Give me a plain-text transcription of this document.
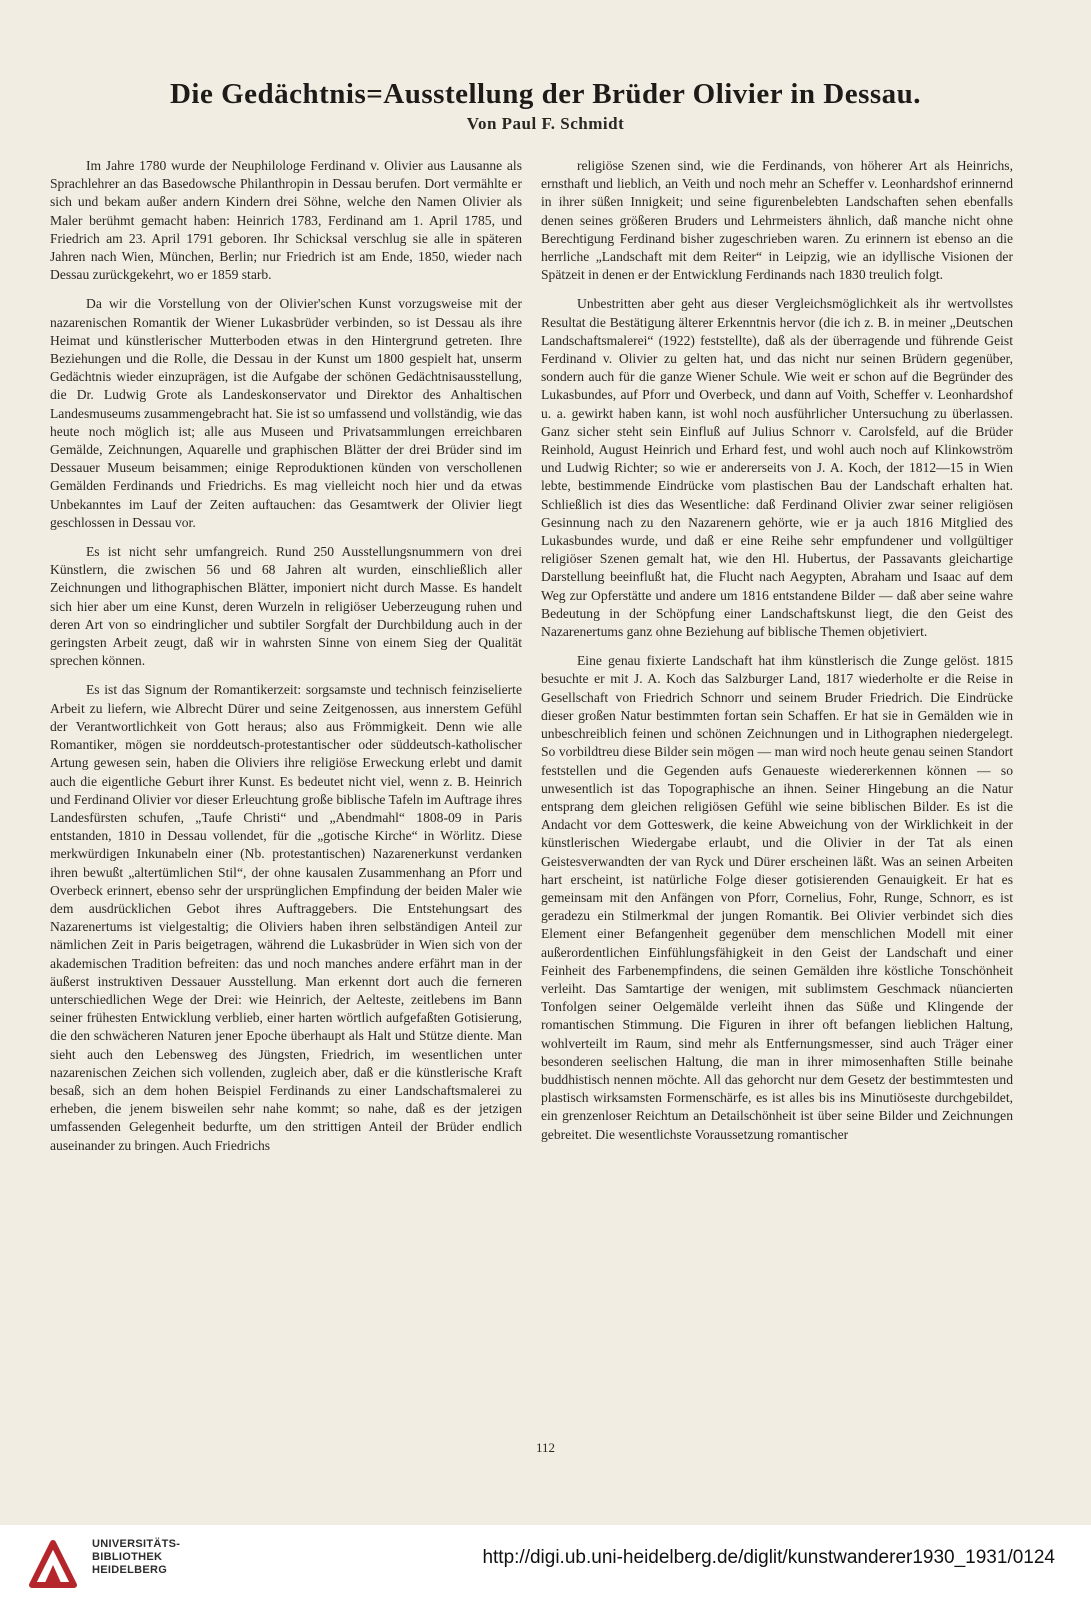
Die Gedächtnis=Ausstellung der Brüder Olivier in Dessau.
Von Paul F. Schmidt

Im Jahre 1780 wurde der Neuphilologe Ferdinand v. Olivier aus Lausanne als Sprachlehrer an das Basedowsche Philanthropin in Dessau berufen. Dort vermählte er sich und bekam außer andern Kindern drei Söhne, welche den Namen Olivier als Maler berühmt gemacht haben: Heinrich 1783, Ferdinand am 1. April 1785, und Friedrich am 23. April 1791 geboren. Ihr Schicksal verschlug sie alle in späteren Jahren nach Wien, München, Berlin; nur Friedrich ist am Ende, 1850, wieder nach Dessau zurückgekehrt, wo er 1859 starb.

Da wir die Vorstellung von der Olivier'schen Kunst vorzugsweise mit der nazarenischen Romantik der Wiener Lukasbrüder verbinden, so ist Dessau als ihre Heimat und künstlerischer Mutterboden etwas in den Hintergrund getreten. Ihre Beziehungen und die Rolle, die Dessau in der Kunst um 1800 gespielt hat, unserm Gedächtnis wieder einzuprägen, ist die Aufgabe der schönen Gedächtnisausstellung, die Dr. Ludwig Grote als Landeskonservator und Direktor des Anhaltischen Landesmuseums zusammengebracht hat. Sie ist so umfassend und vollständig, wie das heute noch möglich ist; alle aus Museen und Privatsammlungen erreichbaren Gemälde, Zeichnungen, Aquarelle und graphischen Blätter der drei Brüder sind im Dessauer Museum beisammen; einige Reproduktionen künden von verschollenen Gemälden Ferdinands und Friedrichs. Es mag vielleicht noch hier und da etwas Unbekanntes im Lauf der Zeiten auftauchen: das Gesamtwerk der Olivier liegt geschlossen in Dessau vor.

Es ist nicht sehr umfangreich. Rund 250 Ausstellungsnummern von drei Künstlern, die zwischen 56 und 68 Jahren alt wurden, einschließlich aller Zeichnungen und lithographischen Blätter, imponiert nicht durch Masse. Es handelt sich hier aber um eine Kunst, deren Wurzeln in religiöser Ueberzeugung ruhen und deren Art von so eindringlicher und subtiler Sorgfalt der Durchbildung auch in der geringsten Arbeit zeugt, daß wir in wahrsten Sinne von einem Sieg der Qualität sprechen können.

Es ist das Signum der Romantikerzeit: sorgsamste und technisch feinziselierte Arbeit zu liefern, wie Albrecht Dürer und seine Zeitgenossen, aus innerstem Gefühl der Verantwortlichkeit von Gott heraus; also aus Frömmigkeit. Denn wie alle Romantiker, mögen sie norddeutsch-protestantischer oder süddeutsch-katholischer Artung gewesen sein, haben die Oliviers ihre religiöse Erweckung erlebt und damit auch die eigentliche Geburt ihrer Kunst. Es bedeutet nicht viel, wenn z. B. Heinrich und Ferdinand Olivier vor dieser Erleuchtung große biblische Tafeln im Auftrage ihres Landesfürsten schufen, „Taufe Christi“ und „Abendmahl“ 1808-09 in Paris entstanden, 1810 in Dessau vollendet, für die „gotische Kirche“ in Wörlitz. Diese merkwürdigen Inkunabeln einer (Nb. protestantischen) Nazarenerkunst verdanken ihren bewußt „altertümlichen Stil“, der ohne kausalen Zusammenhang an Pforr und Overbeck erinnert, ebenso sehr der ursprünglichen Empfindung der beiden Maler wie dem ausdrücklichen Gebot ihres Auftraggebers. Die Entstehungsart des Nazarenertums ist vielgestaltig; die Oliviers haben ihren selbständigen Anteil zur nämlichen Zeit in Paris beigetragen, während die Lukasbrüder in Wien sich von der akademischen Tradition befreiten: das und noch manches andere erfährt man in der äußerst instruktiven Dessauer Ausstellung. Man erkennt dort auch die ferneren unterschiedlichen Wege der Drei: wie Heinrich, der Aelteste, zeitlebens im Bann seiner frühesten Entwicklung verblieb, einer harten wörtlich aufgefaßten Gotisierung, die den schwächeren Naturen jener Epoche überhaupt als Halt und Stütze diente. Man sieht auch den Lebensweg des Jüngsten, Friedrich, im wesentlichen unter nazarenischen Zeichen sich vollenden, zugleich aber, daß er die künstlerische Kraft besaß, sich an dem hohen Beispiel Ferdinands zu einer Landschaftsmalerei zu erheben, die jenem bisweilen sehr nahe kommt; so nahe, daß es der jetzigen umfassenden Gelegenheit bedurfte, um den strittigen Anteil der Brüder endlich auseinander zu bringen. Auch Friedrichs

religiöse Szenen sind, wie die Ferdinands, von höherer Art als Heinrichs, ernsthaft und lieblich, an Veith und noch mehr an Scheffer v. Leonhardshof erinnernd in ihrer süßen Innigkeit; und seine figurenbelebten Landschaften sehen ebenfalls denen seines größeren Bruders und Lehrmeisters ähnlich, daß manche nicht ohne Berechtigung Ferdinand bisher zugeschrieben waren. Zu erinnern ist ebenso an die herrliche „Landschaft mit dem Reiter“ in Leipzig, wie an idyllische Visionen der Spätzeit in denen er der Entwicklung Ferdinands nach 1830 treulich folgt.

Unbestritten aber geht aus dieser Vergleichsmöglichkeit als ihr wertvollstes Resultat die Bestätigung älterer Erkenntnis hervor (die ich z. B. in meiner „Deutschen Landschaftsmalerei“ (1922) feststellte), daß als der überragende und führende Geist Ferdinand v. Olivier zu gelten hat, und das nicht nur seinen Brüdern gegenüber, sondern auch für die ganze Wiener Schule. Wie weit er schon auf die Begründer des Lukasbundes, auf Pforr und Overbeck, und dann auf Voith, Scheffer v. Leonhardshof u. a. gewirkt haben kann, ist wohl noch ausführlicher Untersuchung zu überlassen. Ganz sicher steht sein Einfluß auf Julius Schnorr v. Carolsfeld, auf die Brüder Reinhold, August Heinrich und Erhard fest, und wohl auch noch auf Klinkowström und Ludwig Richter; so wie er andererseits von J. A. Koch, der 1812—15 in Wien lebte, bestimmende Eindrücke vom plastischen Bau der Landschaft erhalten hat. Schließlich ist dies das Wesentliche: daß Ferdinand Olivier zwar seiner religiösen Gesinnung nach zu den Nazarenern gehörte, wie er ja auch 1816 Mitglied des Lukasbundes wurde, und daß er eine Reihe sehr empfundener und vollgültiger religiöser Szenen gemalt hat, wie den Hl. Hubertus, der Passavants gleichartige Darstellung beeinflußt hat, die Flucht nach Aegypten, Abraham und Isaac auf dem Weg zur Opferstätte und andere um 1816 entstandene Bilder — daß aber seine wahre Bedeutung in der Schöpfung einer Landschaftskunst liegt, die den Geist des Nazarenertums ganz ohne Beziehung auf biblische Themen objetiviert.

Eine genau fixierte Landschaft hat ihm künstlerisch die Zunge gelöst. 1815 besuchte er mit J. A. Koch das Salzburger Land, 1817 wiederholte er die Reise in Gesellschaft von Friedrich Schnorr und seinem Bruder Friedrich. Die Eindrücke dieser großen Natur bestimmten fortan sein Schaffen. Er hat sie in Gemälden wie in unbeschreiblich feinen und schönen Zeichnungen und in Lithographen niedergelegt. So vorbildtreu diese Bilder sein mögen — man wird noch heute genau seinen Standort feststellen und die Gegenden aufs Genaueste wiedererkennen können — so unwesentlich ist das Topographische an ihnen. Seiner Hingebung an die Natur entsprang dem gleichen religiösen Gefühl wie seine biblischen Bilder. Es ist die Andacht vor dem Gotteswerk, die keine Abweichung von der Wirklichkeit in der künstlerischen Wiedergabe erlaubt, und die Olivier in der Tat als einen Geistesverwandten der van Ryck und Dürer erscheinen läßt. Was an seinen Arbeiten hart erscheint, ist natürliche Folge dieser gotisierenden Genauigkeit. Er hat es gemeinsam mit den Anfängen von Pforr, Cornelius, Fohr, Runge, Schnorr, es ist geradezu ein Stilmerkmal der jungen Romantik. Bei Olivier verbindet sich dies Element einer Befangenheit gegenüber dem menschlichen Modell mit einer außerordentlichen Einfühlungsfähigkeit in den Geist der Landschaft und einer Feinheit des Farbenempfindens, die seinen Gemälden ihre köstliche Tonschönheit verleiht. Das Samtartige der wenigen, mit sublimstem Geschmack nüancierten Tonfolgen seiner Oelgemälde verleiht ihnen das Süße und Klingende der romantischen Stimmung. Die Figuren in ihrer oft befangen lieblichen Haltung, wohlverteilt im Raum, sind mehr als Entfernungsmesser, sind auch Träger einer besonderen seelischen Haltung, die man in ihrer mimosenhaften Stille beinahe buddhistisch nennen möchte. All das gehorcht nur dem Gesetz der bestimmtesten und plastisch wirksamsten Formenschärfe, es ist alles bis ins Minutiöseste durchgebildet, ein grenzenloser Reichtum an Detailschönheit ist über seine Bilder und Zeichnungen gebreitet. Die wesentlichste Voraussetzung romantischer

112
UNIVERSITÄTS-
BIBLIOTHEK
HEIDELBERG
http://digi.ub.uni-heidelberg.de/diglit/kunstwanderer1930_1931/0124
